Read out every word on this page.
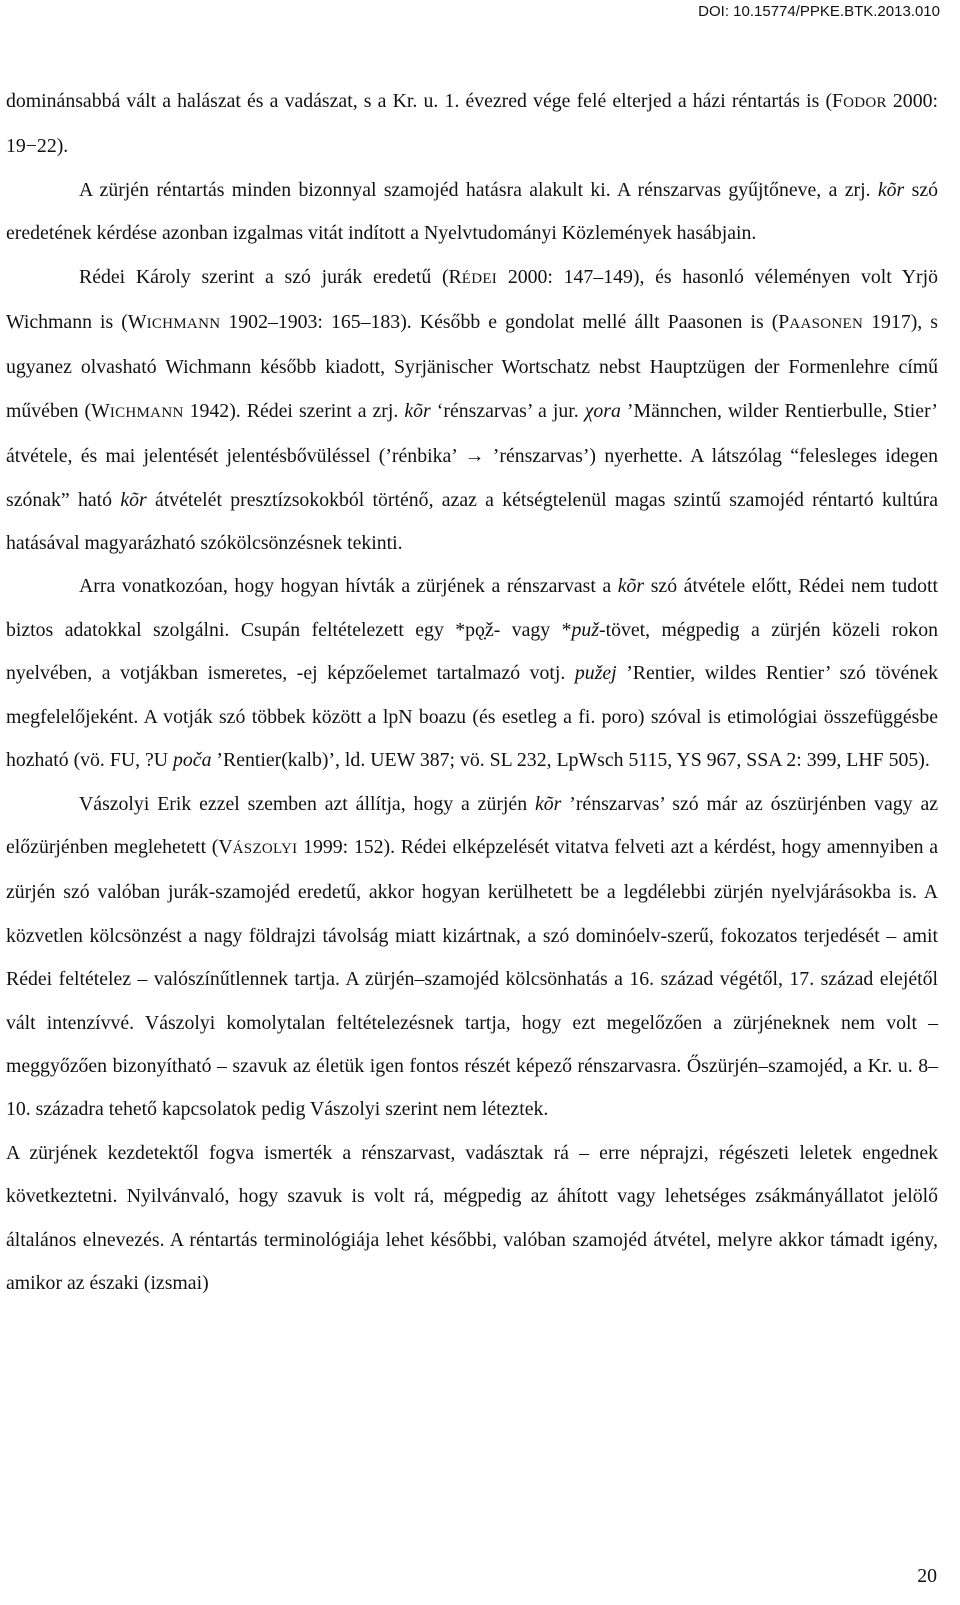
DOI: 10.15774/PPKE.BTK.2013.010

dominánsabbá vált a halászat és a vadászat, s a Kr. u. 1. évezred vége felé elterjed a házi réntartás is (FODOR 2000: 19−22).

A zürjén réntartás minden bizonnyal szamojéd hatásra alakult ki. A rénszarvas gyűjtőneve, a zrj. kõr szó eredetének kérdése azonban izgalmas vitát indított a Nyelvtudományi Közlemények hasábjain.

Rédei Károly szerint a szó jurák eredetű (RÉDEI 2000: 147–149), és hasonló véleményen volt Yrjö Wichmann is (WICHMANN 1902–1903: 165–183). Később e gondolat mellé állt Paasonen is (PAASONEN 1917), s ugyanez olvasható Wichmann később kiadott, Syrjänischer Wortschatz nebst Hauptzügen der Formenlehre című művében (WICHMANN 1942). Rédei szerint a zrj. kõr ‘rénszarvas’ a jur. χora ’Männchen, wilder Rentierbulle, Stier’ átvétele, és mai jelentését jelentésbővüléssel (’rénbika’ → ’rénszarvas’) nyerhette. A látszólag “felesleges idegen szónak” ható kõr átvételét presztízsokokból történő, azaz a kétségtelenül magas szintű szamojéd réntartó kultúra hatásával magyarázható szókölcsönzésnek tekinti.

Arra vonatkozóan, hogy hogyan hívták a zürjének a rénszarvast a kõr szó átvétele előtt, Rédei nem tudott biztos adatokkal szolgálni. Csupán feltételezett egy *pǫ̣ž- vagy *puž-tövet, mégpedig a zürjén közeli rokon nyelvében, a votjákban ismeretes, -ej képzőelemet tartalmazó votj. pužej ’Rentier, wildes Rentier’ szó tövének megfelelőjeként. A votják szó többek között a lpN boazu (és esetleg a fi. poro) szóval is etimológiai összefüggésbe hozható (vö. FU, ?U poča ’Rentier(kalb)’, ld. UEW 387; vö. SL 232, LpWsch 5115, YS 967, SSA 2: 399, LHF 505).

Vászolyi Erik ezzel szemben azt állítja, hogy a zürjén kõr ’rénszarvas’ szó már az ószürjénben vagy az előzürjénben meglehetett (VÁSZOLYI 1999: 152). Rédei elképzelését vitatva felveti azt a kérdést, hogy amennyiben a zürjén szó valóban jurák-szamojéd eredetű, akkor hogyan kerülhetett be a legdélebbi zürjén nyelvjárásokba is. A közvetlen kölcsönzést a nagy földrajzi távolság miatt kizártnak, a szó dominóelv-szerű, fokozatos terjedését – amit Rédei feltételez – valószínűtlennek tartja. A zürjén–szamojéd kölcsönhatás a 16. század végétől, 17. század elejétől vált intenzívvé. Vászolyi komolytalan feltételezésnek tartja, hogy ezt megelőzően a zürjéneknek nem volt – meggyőzően bizonyítható – szavuk az életük igen fontos részét képező rénszarvasra. Őszürjén–szamojéd, a Kr. u. 8–10. századra tehető kapcsolatok pedig Vászolyi szerint nem léteztek.

A zürjének kezdetektől fogva ismerték a rénszarvast, vadásztak rá – erre néprajzi, régészeti leletek engednek következtetni. Nyilvánvaló, hogy szavuk is volt rá, mégpedig az áhított vagy lehetséges zsákmányállatot jelölő általános elnevezés. A réntartás terminológiája lehet későbbi, valóban szamojéd átvétel, melyre akkor támadt igény, amikor az északi (izsmai)

20
